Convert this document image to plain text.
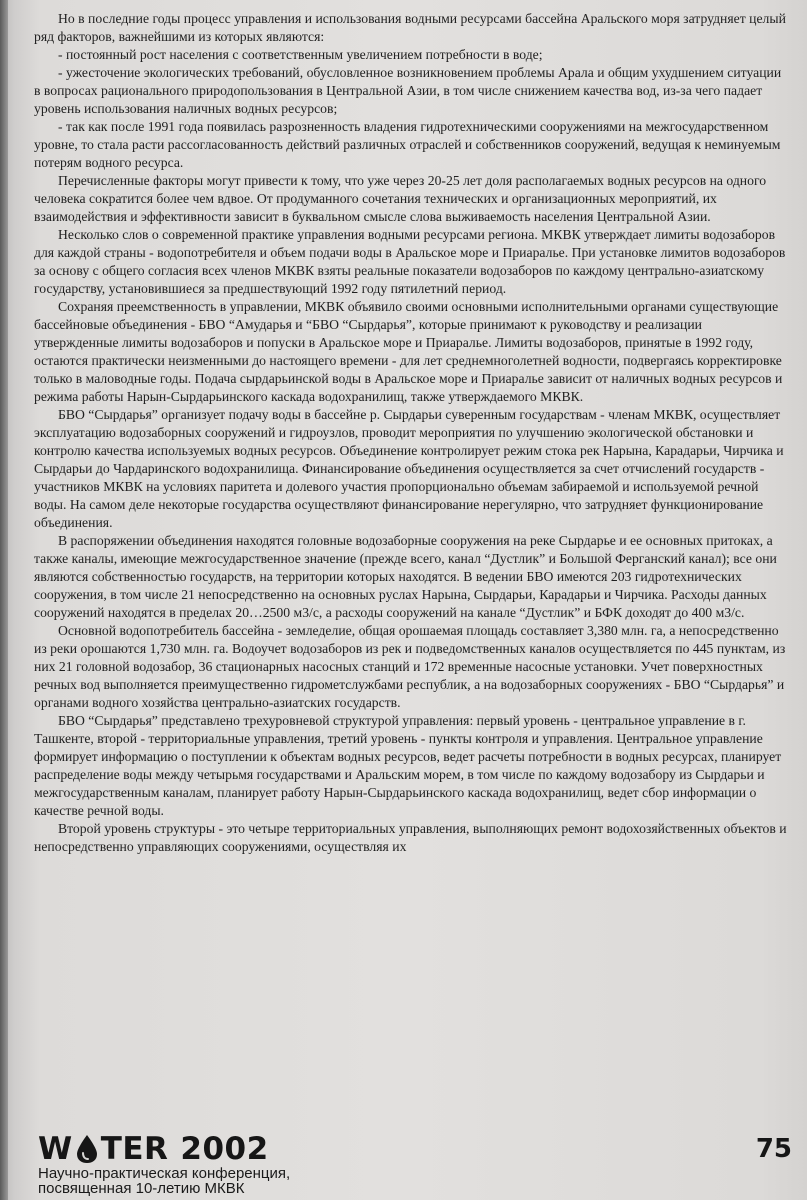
Но в последние годы процесс управления и использования водными ресурсами бассейна Аральского моря затрудняет целый ряд факторов, важнейшими из которых являются:

- постоянный рост населения с соответственным увеличением потребности в воде;

- ужесточение экологических требований, обусловленное возникновением проблемы Арала и общим ухудшением ситуации в вопросах рационального природопользования в Центральной Азии, в том числе снижением качества вод, из-за чего падает уровень использования наличных водных ресурсов;

- так как после 1991 года появилась разрозненность владения гидротехническими сооружениями на межгосударственном уровне, то стала расти рассогласованность действий различных отраслей и собственников сооружений, ведущая к неминуемым потерям водного ресурса.

Перечисленные факторы могут привести к тому, что уже через 20-25 лет доля располагаемых водных ресурсов на одного человека сократится более чем вдвое. От продуманного сочетания технических и организационных мероприятий, их взаимодействия и эффективности зависит в буквальном смысле слова выживаемость населения Центральной Азии.

Несколько слов о современной практике управления водными ресурсами региона. МКВК утверждает лимиты водозаборов для каждой страны - водопотребителя и объем подачи воды в Аральское море и Приаралье. При установке лимитов водозаборов за основу с общего согласия всех членов МКВК взяты реальные показатели водозаборов по каждому центрально-азиатскому государству, установившиеся за предшествующий 1992 году пятилетний период.

Сохраняя преемственность в управлении, МКВК объявило своими основными исполнительными органами существующие бассейновые объединения - БВО “Амударья и “БВО “Сырдарья”, которые принимают к руководству и реализации утвержденные лимиты водозаборов и попуски в Аральское море и Приаралье. Лимиты водозаборов, принятые в 1992 году, остаются практически неизменными до настоящего времени - для лет среднемноголетней водности, подвергаясь корректировке только в маловодные годы. Подача сырдарьинской воды в Аральское море и Приаралье зависит от наличных водных ресурсов и режима работы Нарын-Сырдарьинского каскада водохранилищ, также утверждаемого МКВК.

БВО “Сырдарья” организует подачу воды в бассейне р. Сырдарьи суверенным государствам - членам МКВК, осуществляет эксплуатацию водозаборных сооружений и гидроузлов, проводит мероприятия по улучшению экологической обстановки и контролю качества используемых водных ресурсов. Объединение контролирует режим стока рек Нарына, Карадарьи, Чирчика и Сырдарьи до Чардаринского водохранилища. Финансирование объединения осуществляется за счет отчислений государств - участников МКВК на условиях паритета и долевого участия пропорционально объемам забираемой и используемой речной воды. На самом деле некоторые государства осуществляют финансирование нерегулярно, что затрудняет функционирование объединения.

В распоряжении объединения находятся головные водозаборные сооружения на реке Сырдарье и ее основных притоках, а также каналы, имеющие межгосударственное значение (прежде всего, канал “Дустлик” и Большой Ферганский канал); все они являются собственностью государств, на территории которых находятся. В ведении БВО имеются 203 гидротехнических сооружения, в том числе 21 непосредственно на основных руслах Нарына, Сырдарьи, Карадарьи и Чирчика. Расходы данных сооружений находятся в пределах 20…2500 м3/с, а расходы сооружений на канале “Дустлик” и БФК доходят до 400 м3/с.

Основной водопотребитель бассейна - земледелие, общая орошаемая площадь составляет 3,380 млн. га, а непосредственно из реки орошаются 1,730 млн. га. Водоучет водозаборов из рек и подведомственных каналов осуществляется по 445 пунктам, из них 21 головной водозабор, 36 стационарных насосных станций и 172 временные насосные установки. Учет поверхностных речных вод выполняется преимущественно гидрометслужбами республик, а на водозаборных сооружениях - БВО “Сырдарья” и органами водного хозяйства центрально-азиатских государств.

БВО “Сырдарья” представлено трехуровневой структурой управления: первый уровень - центральное управление в г. Ташкенте, второй - территориальные управления, третий уровень - пункты контроля и управления. Центральное управление формирует информацию о поступлении к объектам водных ресурсов, ведет расчеты потребности в водных ресурсах, планирует распределение воды между четырьмя государствами и Аральским морем, в том числе по каждому водозабору из Сырдарьи и межгосударственным каналам, планирует работу Нарын-Сырдарьинского каскада водохранилищ, ведет сбор информации о качестве речной воды.

Второй уровень структуры - это четыре территориальных управления, выполняющих ремонт водохозяйственных объектов и непосредственно управляющих сооружениями, осуществляя их

W TER 2002
Научно-практическая конференция,
посвященная 10-летию МКВК
75
